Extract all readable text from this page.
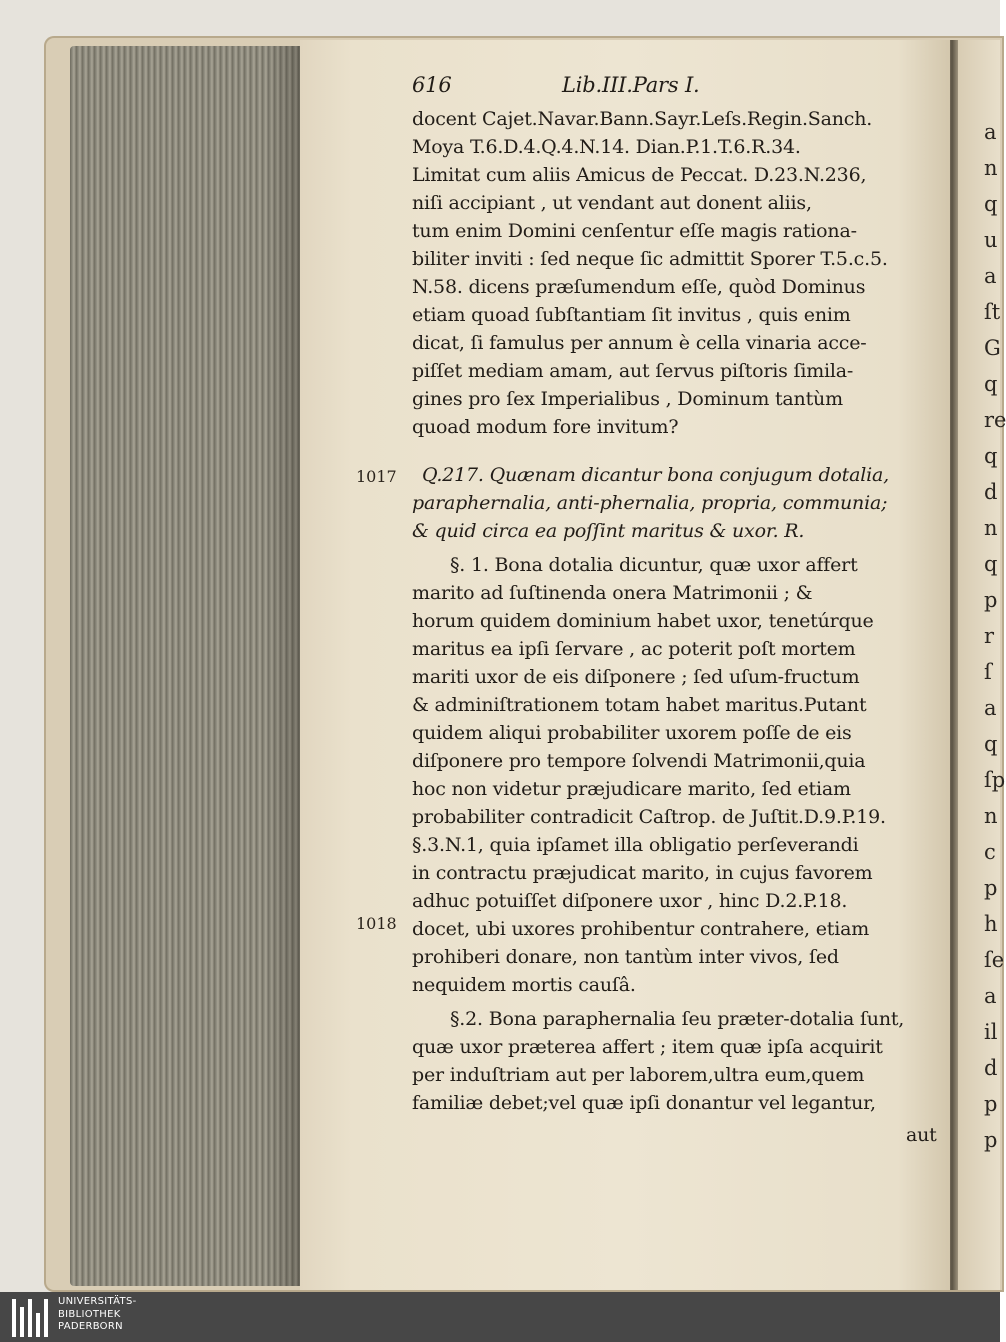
a
n
q
u
a
ſt
G
q
re
q
d
n
q
p
r
ſ
a
q
ſp
n
c
p
h
ſe
a
il
d
p
p
616	Lib.III.Pars I.
1017
1018
docent Cajet.Navar.Bann.Sayr.Leſs.Regin.Sanch.
Moya T.6.D.4.Q.4.N.14. Dian.P.1.T.6.R.34.
Limitat cum aliis Amicus de Peccat. D.23.N.236,
niſi accipiant , ut vendant aut donent aliis,
tum enim Domini cenſentur eſſe magis rationa-
biliter inviti : ſed neque ſic admittit Sporer T.5.c.5.
N.58. dicens præſumendum eſſe, quòd Dominus
etiam quoad ſubſtantiam ſit invitus , quis enim
dicat, ſi famulus per annum è cella vinaria acce-
piſſet mediam amam, aut ſervus piſtoris ſimila-
gines pro ſex Imperialibus , Dominum tantùm
quoad modum fore invitum?
Q.217. Quænam dicantur bona conjugum dotalia,
paraphernalia, anti-phernalia, propria, communia;
& quid circa ea poſſint maritus & uxor. R.
§. 1. Bona dotalia dicuntur, quæ uxor affert
marito ad ſuſtinenda onera Matrimonii ; &
horum quidem dominium habet uxor, tenetúrque
maritus ea ipſi ſervare , ac poterit poſt mortem
mariti uxor de eis diſponere ; ſed uſum-fructum
& adminiſtrationem totam habet maritus.Putant
quidem aliqui probabiliter uxorem poſſe de eis
diſponere pro tempore ſolvendi Matrimonii,quia
hoc non videtur præjudicare marito, ſed etiam
probabiliter contradicit Caſtrop. de Juſtit.D.9.P.19.
§.3.N.1, quia ipſamet illa obligatio perſeverandi
in contractu præjudicat marito, in cujus favorem
adhuc potuiſſet diſponere uxor , hinc D.2.P.18.
docet, ubi uxores prohibentur contrahere, etiam
prohiberi donare, non tantùm inter vivos, ſed
nequidem mortis cauſâ.
§.2. Bona paraphernalia ſeu præter-dotalia ſunt,
quæ uxor præterea affert ; item quæ ipſa acquirit
per induſtriam aut per laborem,ultra eum,quem
familiæ debet;vel quæ ipſi donantur vel legantur,
aut
UNIVERSITÄTS-
BIBLIOTHEK
PADERBORN
